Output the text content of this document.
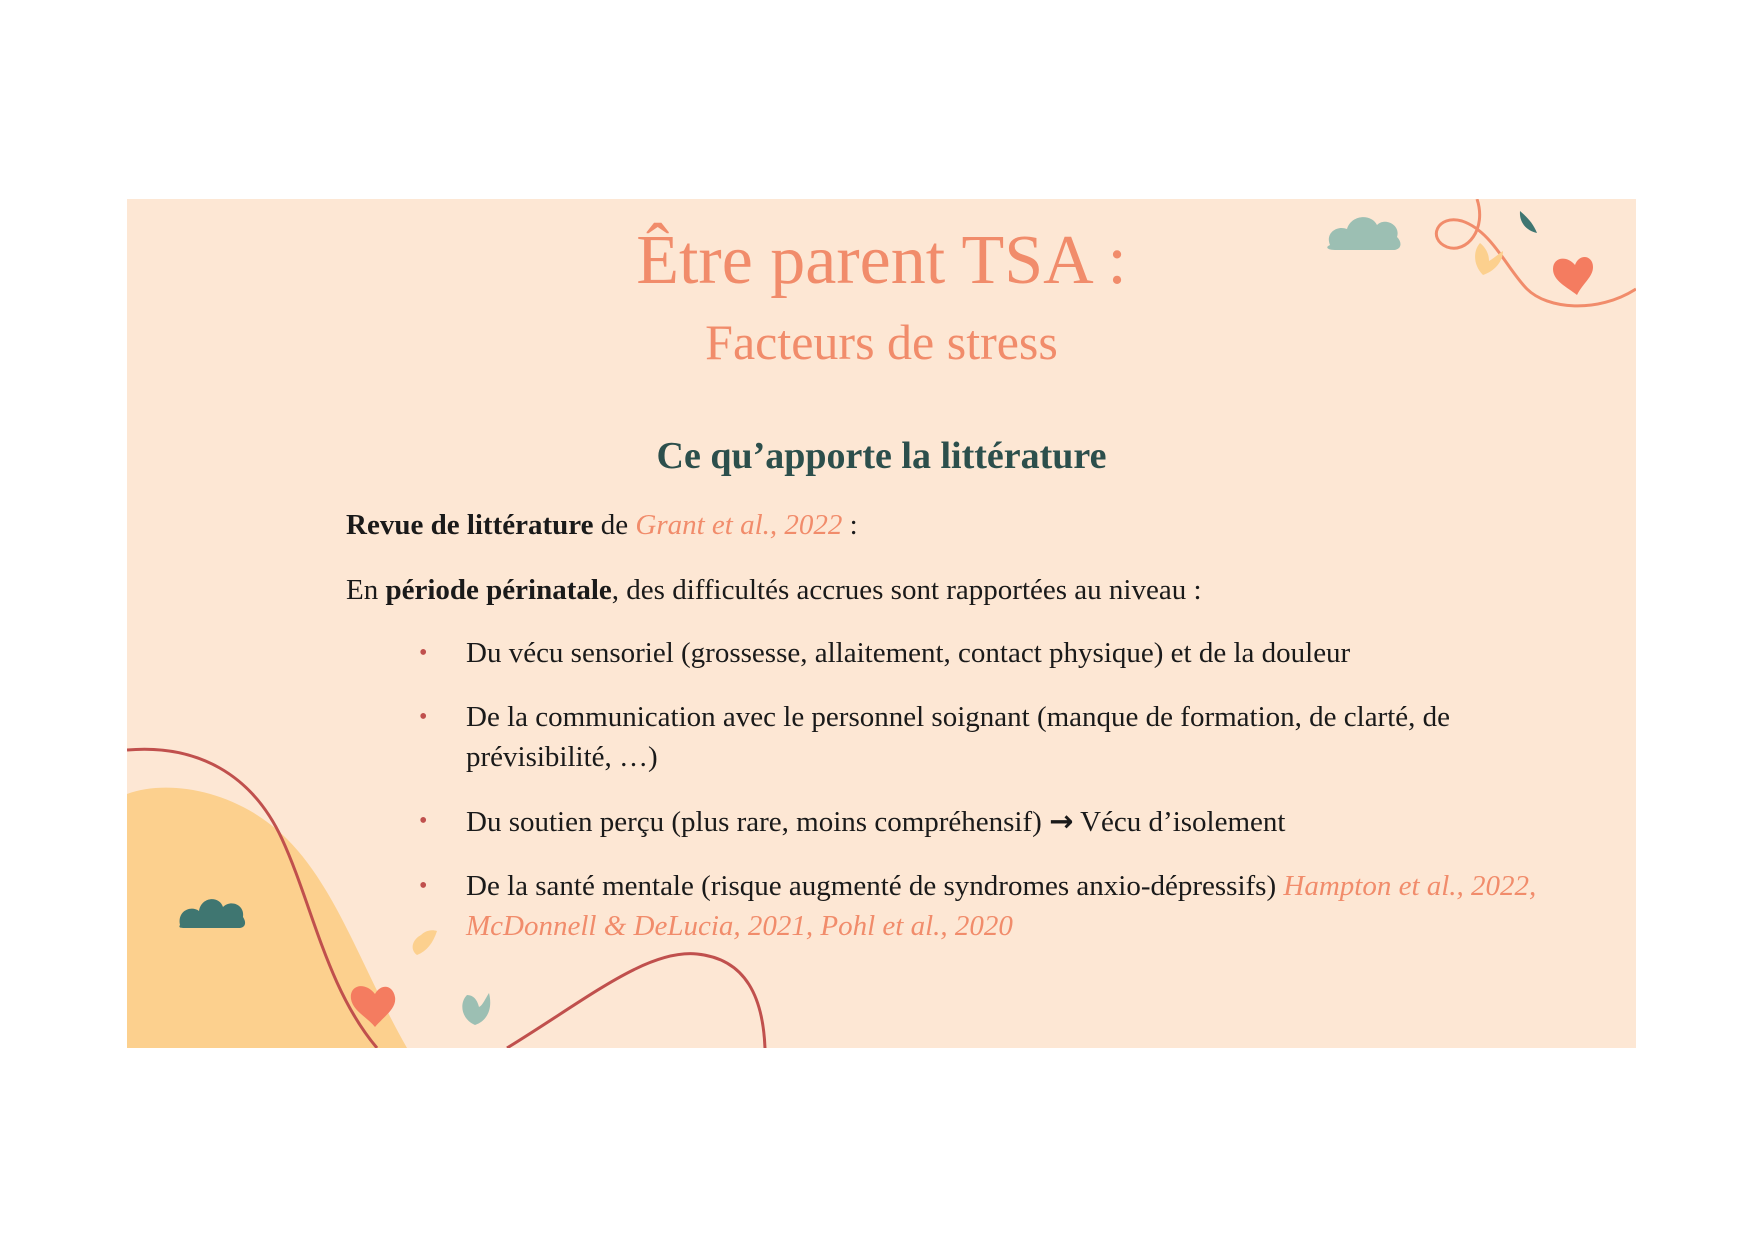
Être parent TSA :
Facteurs de stress
Ce qu’apporte la littérature

Revue de littérature de Grant et al., 2022 :

En période périnatale, des difficultés accrues sont rapportées au niveau :

• Du vécu sensoriel (grossesse, allaitement, contact physique) et de la douleur
• De la communication avec le personnel soignant (manque de formation, de clarté, de prévisibilité, …)
• Du soutien perçu (plus rare, moins compréhensif) → Vécu d’isolement
• De la santé mentale (risque augmenté de syndromes anxio-dépressifs) Hampton et al., 2022, McDonnell & DeLucia, 2021, Pohl et al., 2020
